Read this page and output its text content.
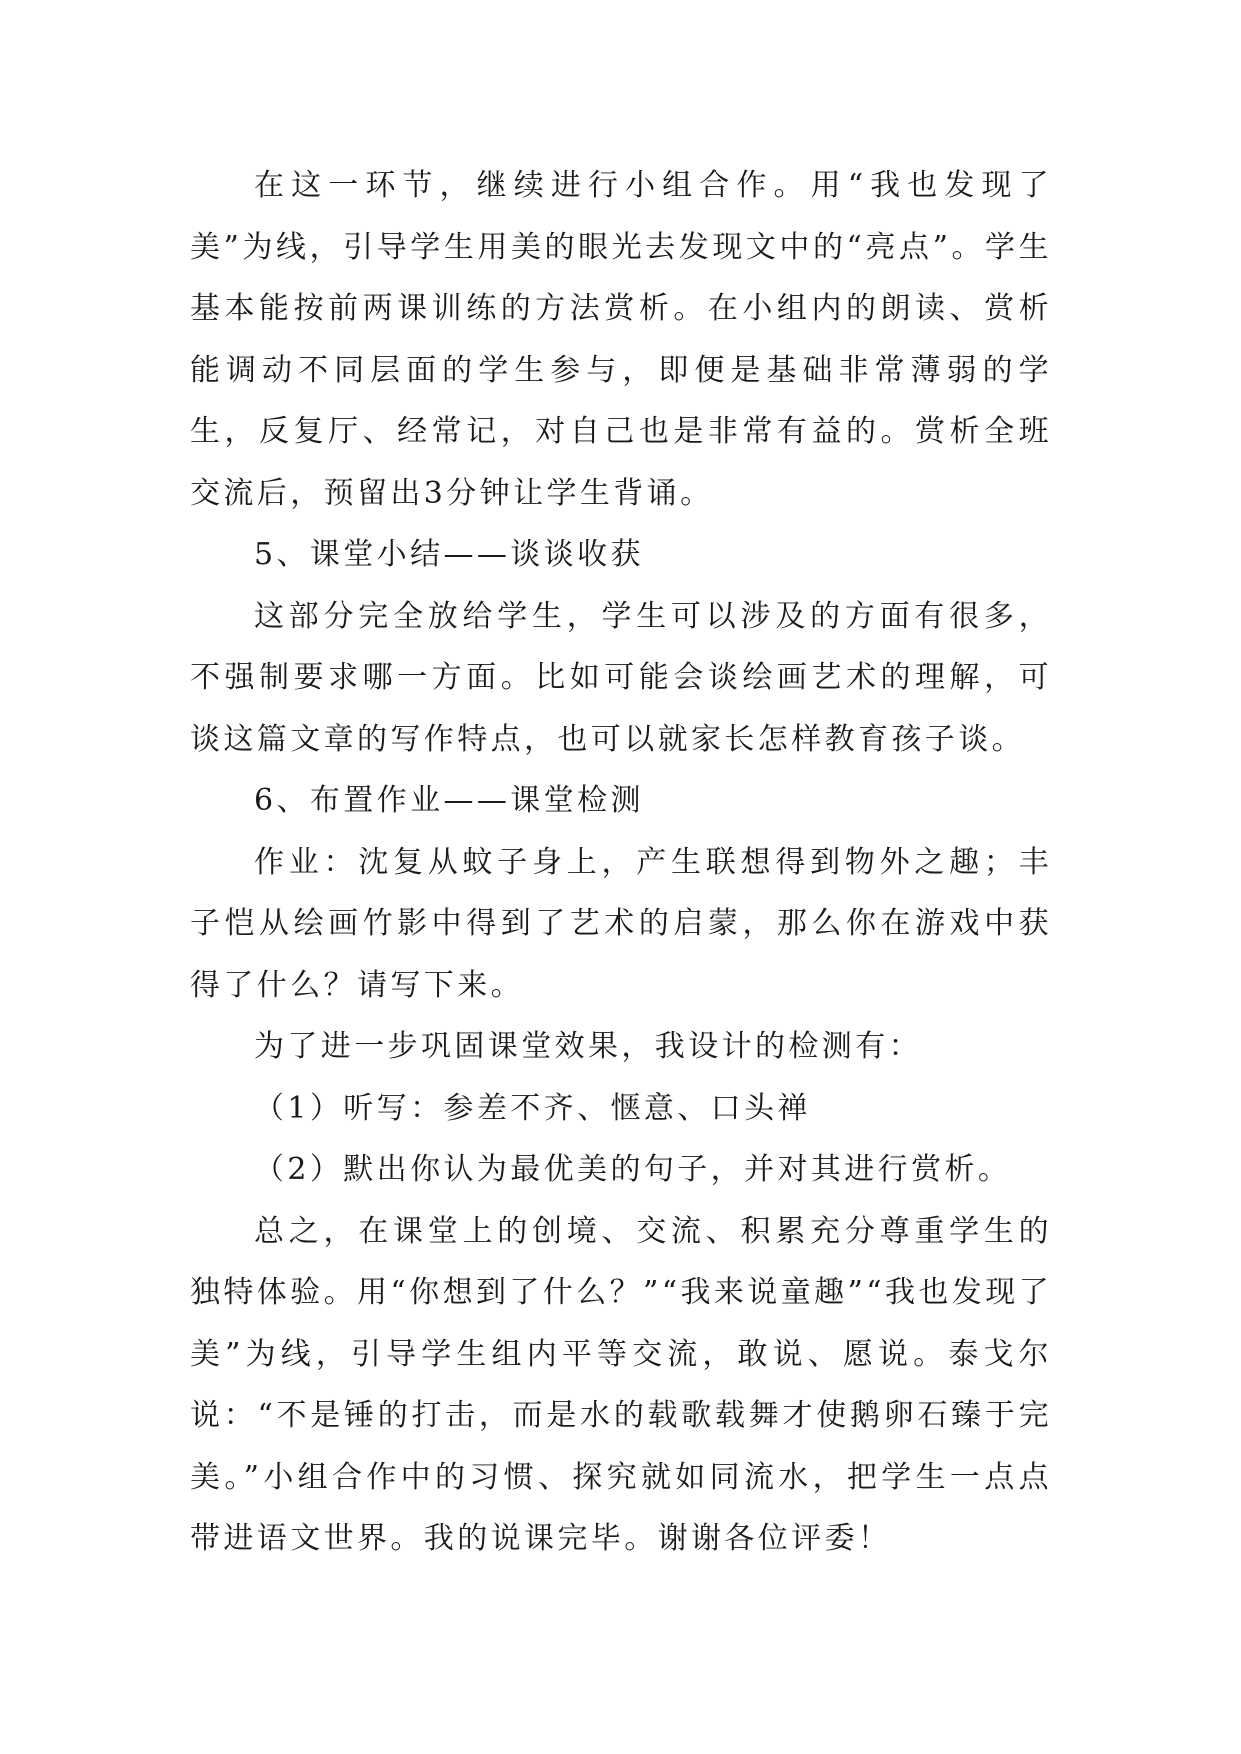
在这一环节，继续进行小组合作。用“我也发现了美”为线，引导学生用美的眼光去发现文中的“亮点”。学生基本能按前两课训练的方法赏析。在小组内的朗读、赏析能调动不同层面的学生参与，即便是基础非常薄弱的学生，反复厅、经常记，对自己也是非常有益的。赏析全班交流后，预留出3分钟让学生背诵。

5、课堂小结——谈谈收获

这部分完全放给学生，学生可以涉及的方面有很多，不强制要求哪一方面。比如可能会谈绘画艺术的理解，可谈这篇文章的写作特点，也可以就家长怎样教育孩子谈。

6、布置作业——课堂检测

作业：沈复从蚊子身上，产生联想得到物外之趣；丰子恺从绘画竹影中得到了艺术的启蒙，那么你在游戏中获得了什么？请写下来。

为了进一步巩固课堂效果，我设计的检测有：

（1）听写：参差不齐、惬意、口头禅

（2）默出你认为最优美的句子，并对其进行赏析。

总之，在课堂上的创境、交流、积累充分尊重学生的独特体验。用“你想到了什么？”“我来说童趣”“我也发现了美”为线，引导学生组内平等交流，敢说、愿说。泰戈尔说：“不是锤的打击，而是水的载歌载舞才使鹅卵石臻于完美。”小组合作中的习惯、探究就如同流水，把学生一点点带进语文世界。我的说课完毕。谢谢各位评委！
